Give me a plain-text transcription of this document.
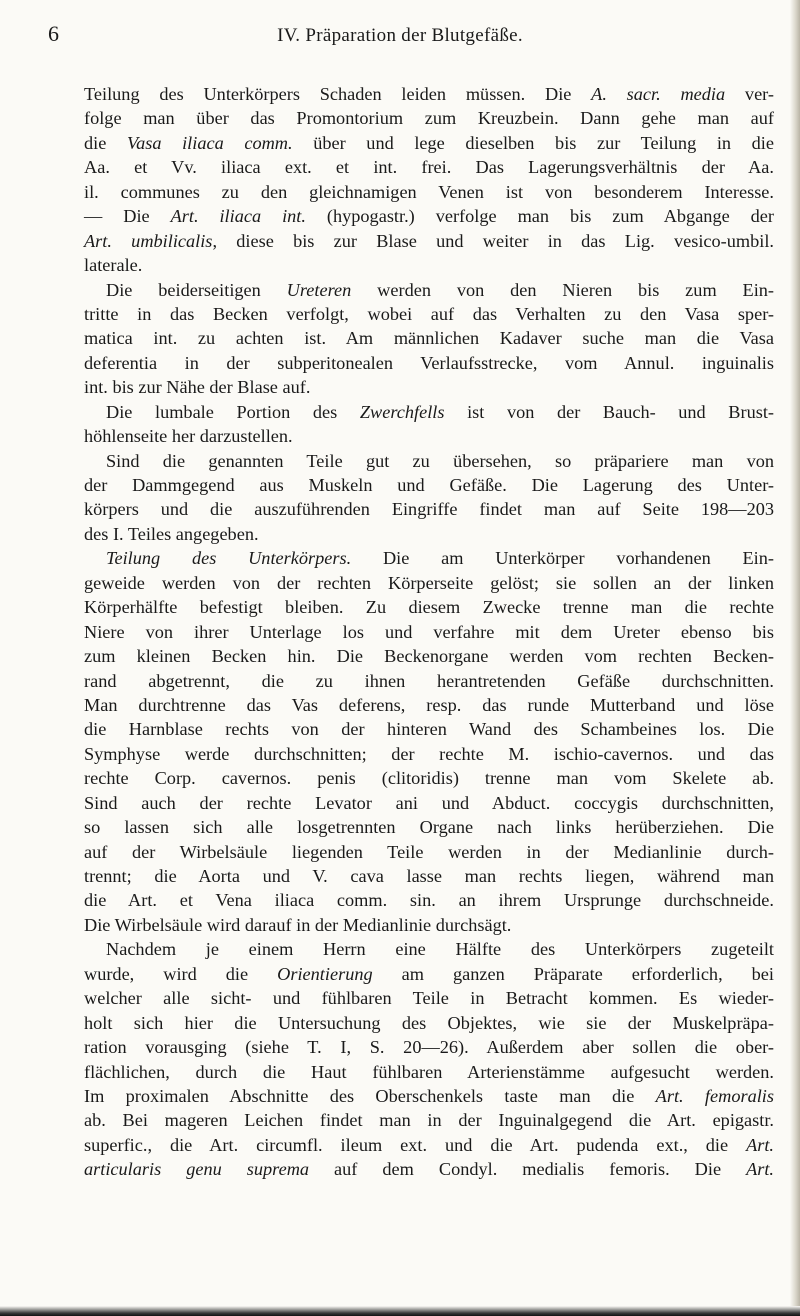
6	IV. Präparation der Blutgefäße.
Teilung des Unterkörpers Schaden leiden müssen. Die A. sacr. media ver-
folge man über das Promontorium zum Kreuzbein. Dann gehe man auf
die Vasa iliaca comm. über und lege dieselben bis zur Teilung in die
Aa. et Vv. iliaca ext. et int. frei. Das Lagerungsverhältnis der Aa.
il. communes zu den gleichnamigen Venen ist von besonderem Interesse.
— Die Art. iliaca int. (hypogastr.) verfolge man bis zum Abgange der
Art. umbilicalis, diese bis zur Blase und weiter in das Lig. vesico-umbil.
laterale.
Die beiderseitigen Ureteren werden von den Nieren bis zum Ein-
tritte in das Becken verfolgt, wobei auf das Verhalten zu den Vasa sper-
matica int. zu achten ist. Am männlichen Kadaver suche man die Vasa
deferentia in der subperitonealen Verlaufsstrecke, vom Annul. inguinalis
int. bis zur Nähe der Blase auf.
Die lumbale Portion des Zwerchfells ist von der Bauch- und Brust-
höhlenseite her darzustellen.
Sind die genannten Teile gut zu übersehen, so präpariere man von
der Dammgegend aus Muskeln und Gefäße. Die Lagerung des Unter-
körpers und die auszuführenden Eingriffe findet man auf Seite 198—203
des I. Teiles angegeben.
Teilung des Unterkörpers. Die am Unterkörper vorhandenen Ein-
geweide werden von der rechten Körperseite gelöst; sie sollen an der linken
Körperhälfte befestigt bleiben. Zu diesem Zwecke trenne man die rechte
Niere von ihrer Unterlage los und verfahre mit dem Ureter ebenso bis
zum kleinen Becken hin. Die Beckenorgane werden vom rechten Becken-
rand abgetrennt, die zu ihnen herantretenden Gefäße durchschnitten.
Man durchtrenne das Vas deferens, resp. das runde Mutterband und löse
die Harnblase rechts von der hinteren Wand des Schambeines los. Die
Symphyse werde durchschnitten; der rechte M. ischio-cavernos. und das
rechte Corp. cavernos. penis (clitoridis) trenne man vom Skelete ab.
Sind auch der rechte Levator ani und Abduct. coccygis durchschnitten,
so lassen sich alle losgetrennten Organe nach links herüberziehen. Die
auf der Wirbelsäule liegenden Teile werden in der Medianlinie durch-
trennt; die Aorta und V. cava lasse man rechts liegen, während man
die Art. et Vena iliaca comm. sin. an ihrem Ursprunge durchschneide.
Die Wirbelsäule wird darauf in der Medianlinie durchsägt.
Nachdem je einem Herrn eine Hälfte des Unterkörpers zugeteilt
wurde, wird die Orientierung am ganzen Präparate erforderlich, bei
welcher alle sicht- und fühlbaren Teile in Betracht kommen. Es wieder-
holt sich hier die Untersuchung des Objektes, wie sie der Muskelpräpa-
ration vorausging (siehe T. I, S. 20—26). Außerdem aber sollen die ober-
flächlichen, durch die Haut fühlbaren Arterienstämme aufgesucht werden.
Im proximalen Abschnitte des Oberschenkels taste man die Art. femoralis
ab. Bei mageren Leichen findet man in der Inguinalgegend die Art. epigastr.
superfic., die Art. circumfl. ileum ext. und die Art. pudenda ext., die Art.
articularis genu suprema auf dem Condyl. medialis femoris. Die Art.
